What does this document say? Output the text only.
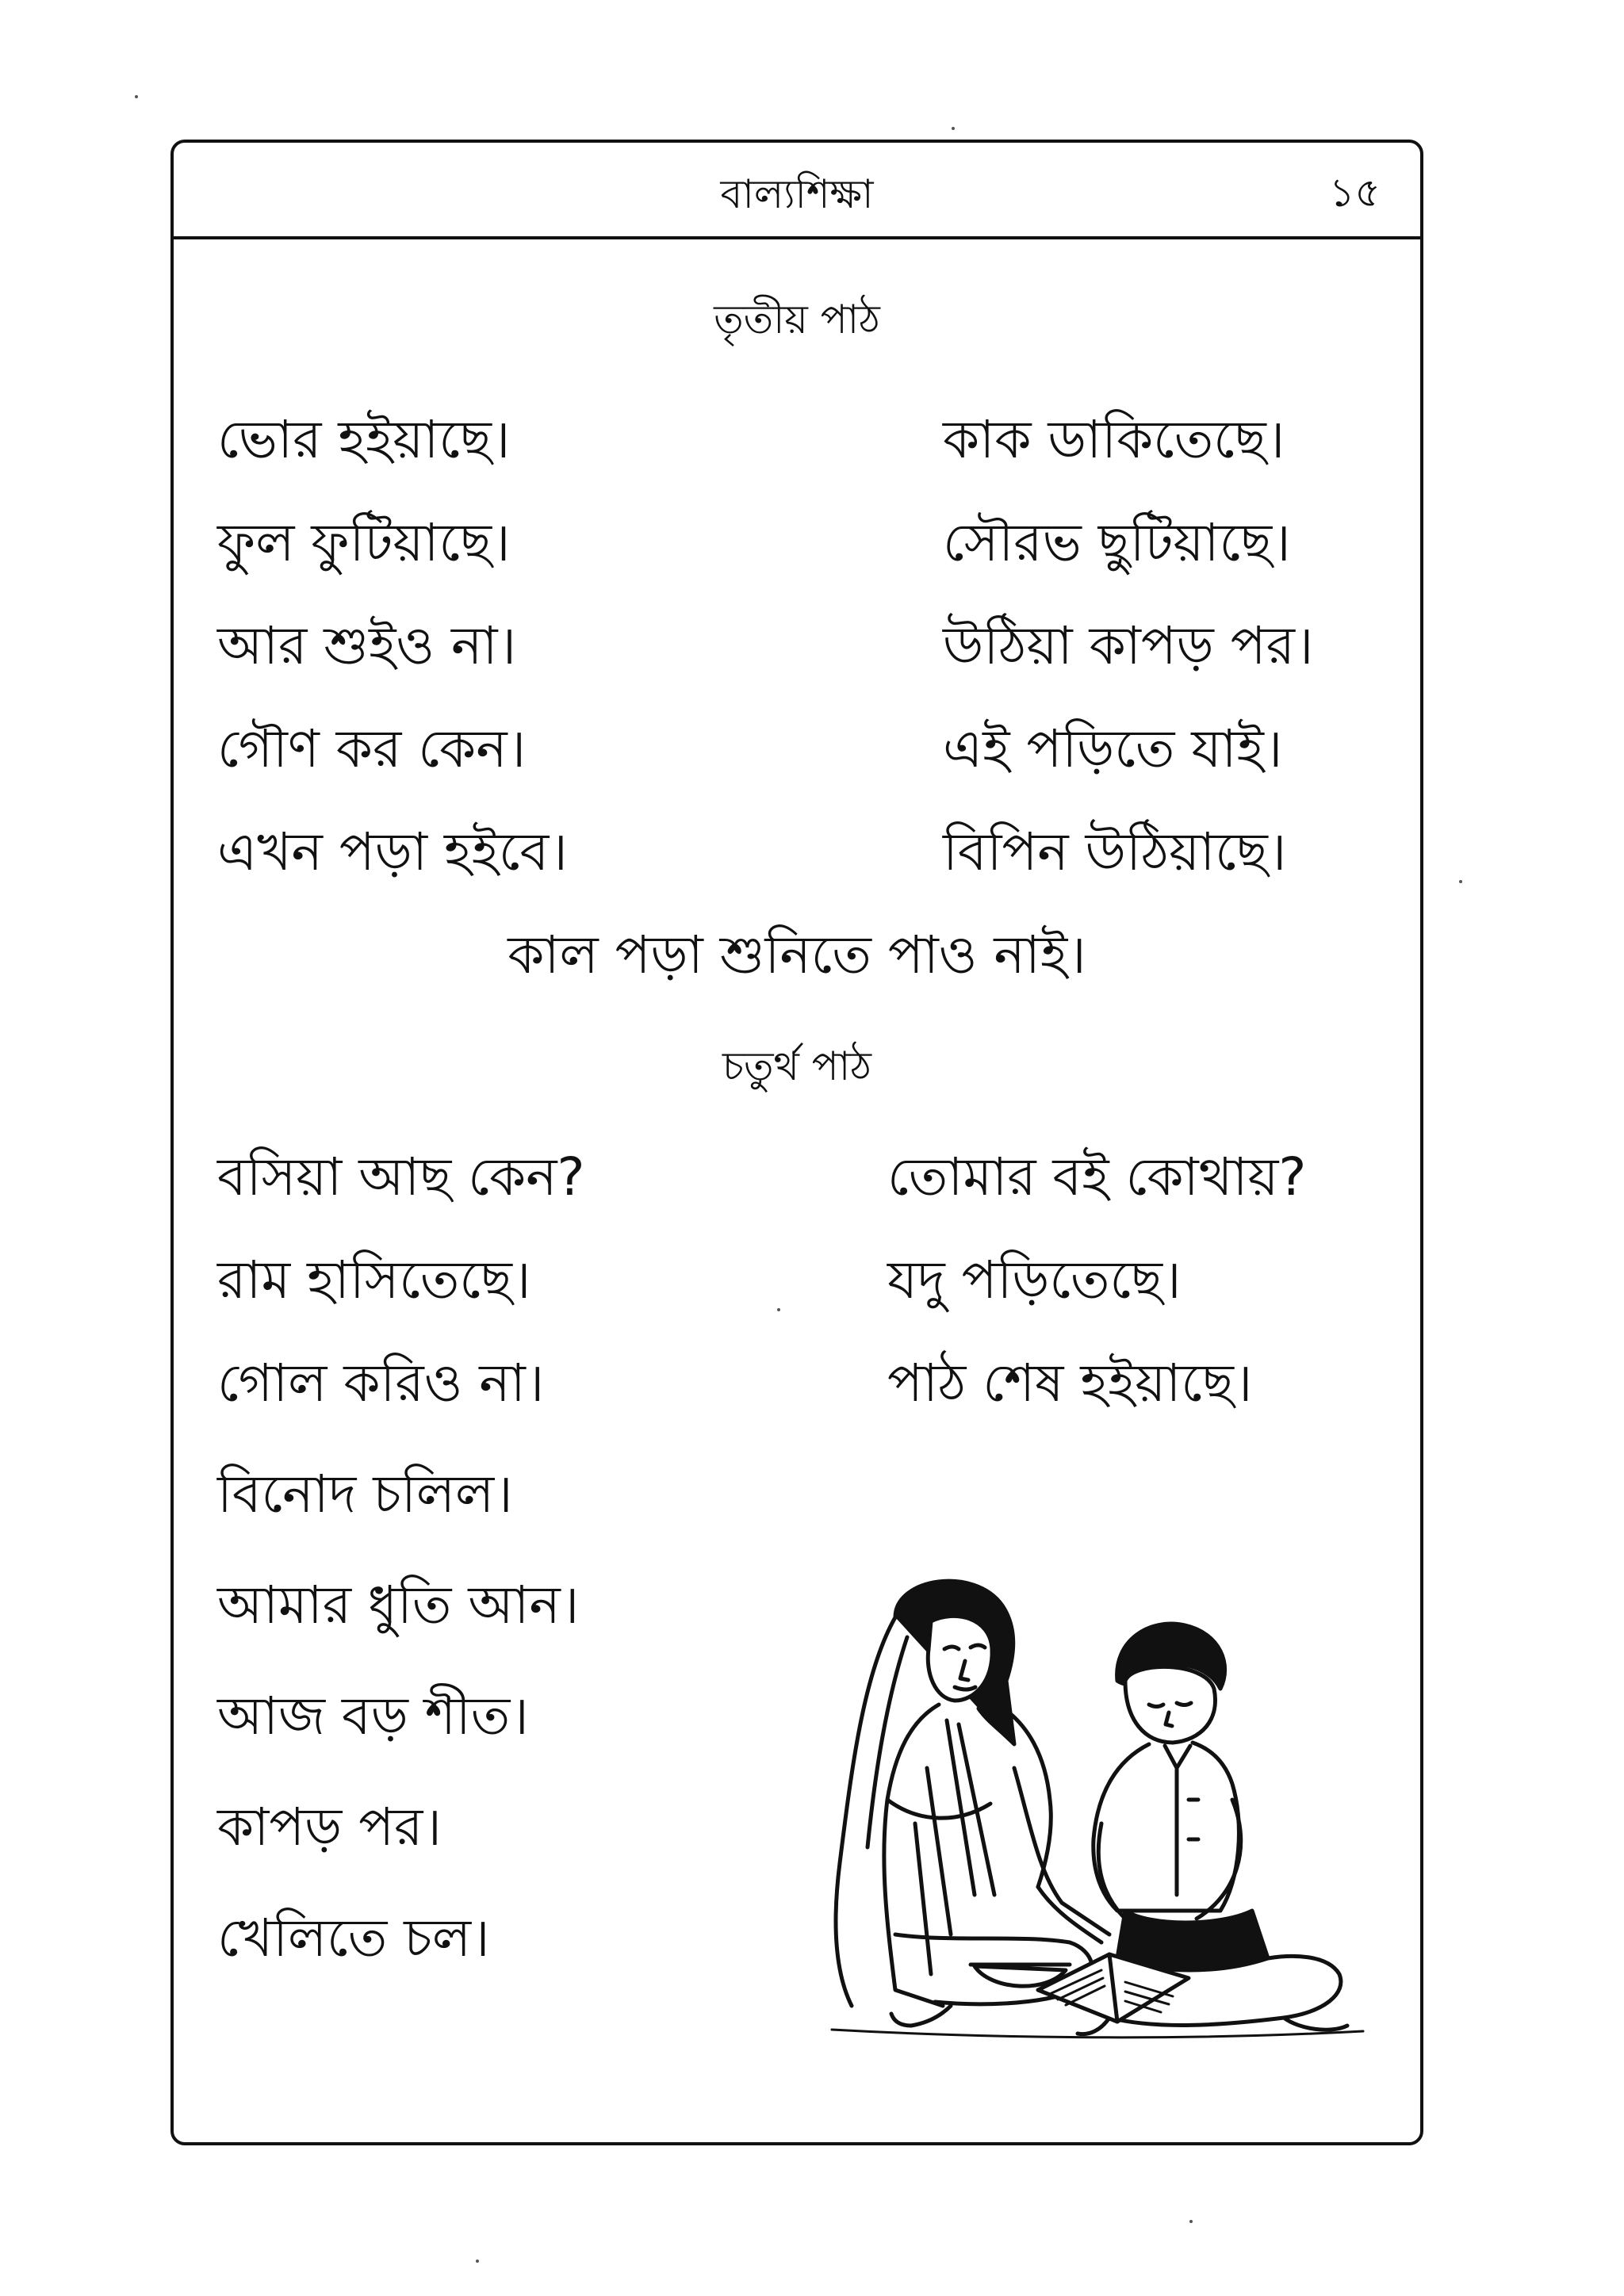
বাল্যশিক্ষা	১৫
তৃতীয় পাঠ
ভোর হইয়াছে।
ফুল ফুটিয়াছে।
আর শুইও না।
গৌণ কর কেন।
এখন পড়া হইবে।
কাক ডাকিতেছে।
সৌরভ ছুটিয়াছে।
উঠিয়া কাপড় পর।
এই পড়িতে যাই।
বিপিন উঠিয়াছে।
কাল পড়া শুনিতে পাও নাই।
চতুর্থ পাঠ
বসিয়া আছ কেন?
রাম হাসিতেছে।
গোল করিও না।
তোমার বই কোথায়?
যদু পড়িতেছে।
পাঠ শেষ হইয়াছে।
বিনোদ চলিল।
আমার ধুতি আন।
আজ বড় শীত।
কাপড় পর।
খেলিতে চল।
